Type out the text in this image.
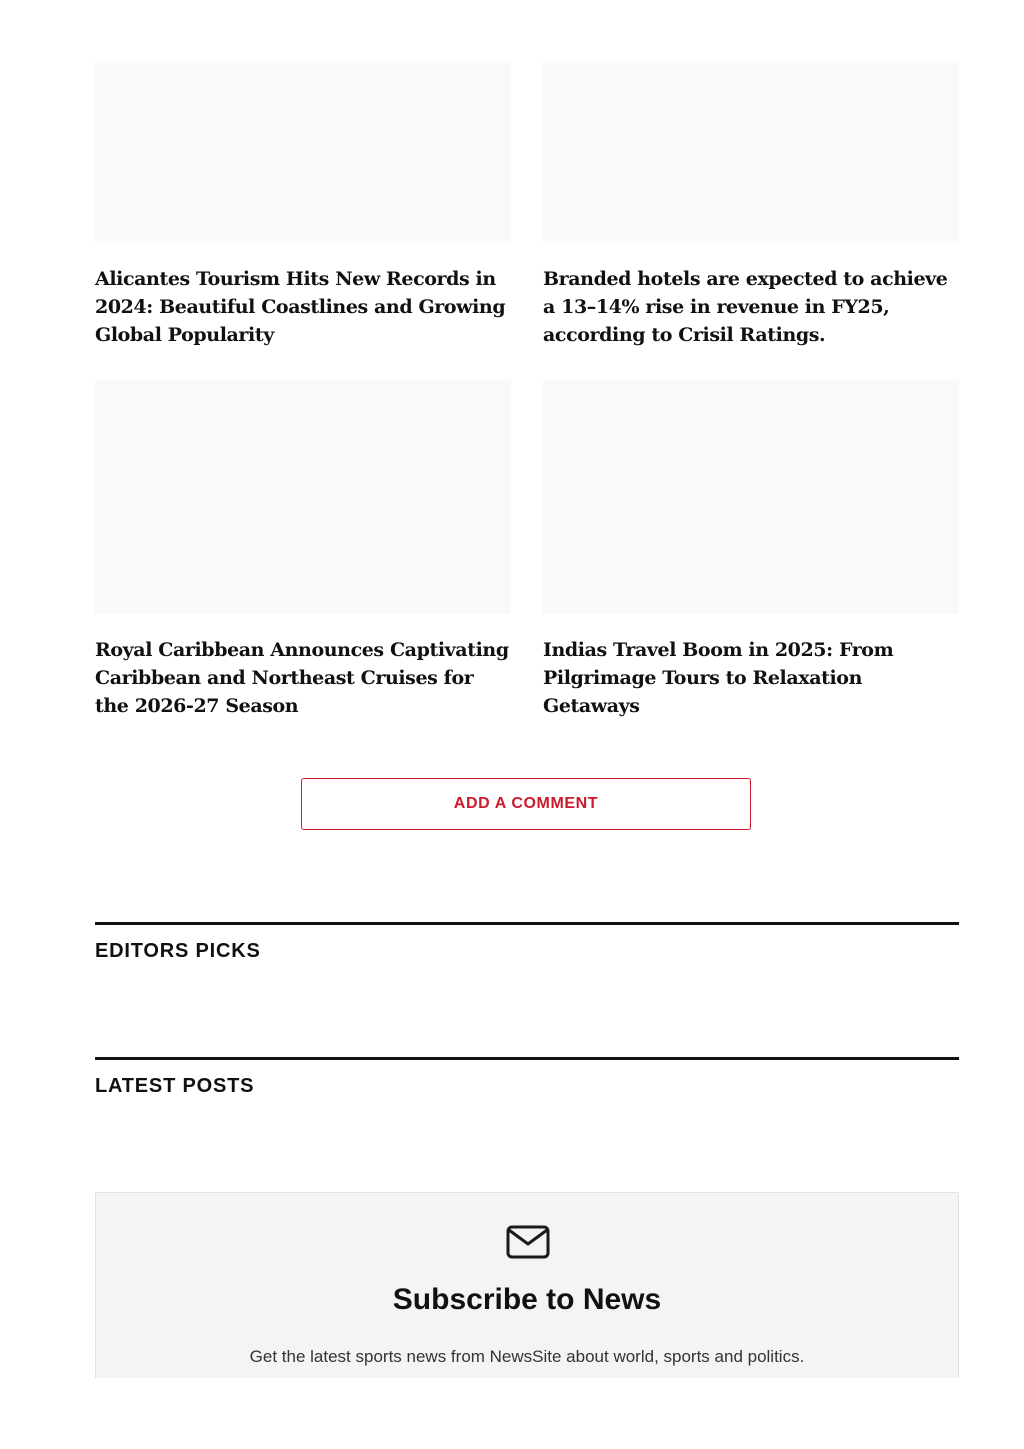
Alicantes Tourism Hits New Records in 2024: Beautiful Coastlines and Growing Global Popularity
Branded hotels are expected to achieve a 13–14% rise in revenue in FY25, according to Crisil Ratings.
Royal Caribbean Announces Captivating Caribbean and Northeast Cruises for the 2026-27 Season
Indias Travel Boom in 2025: From Pilgrimage Tours to Relaxation Getaways
ADD A COMMENT
EDITORS PICKS
LATEST POSTS
Subscribe to News

Get the latest sports news from NewsSite about world, sports and politics.
